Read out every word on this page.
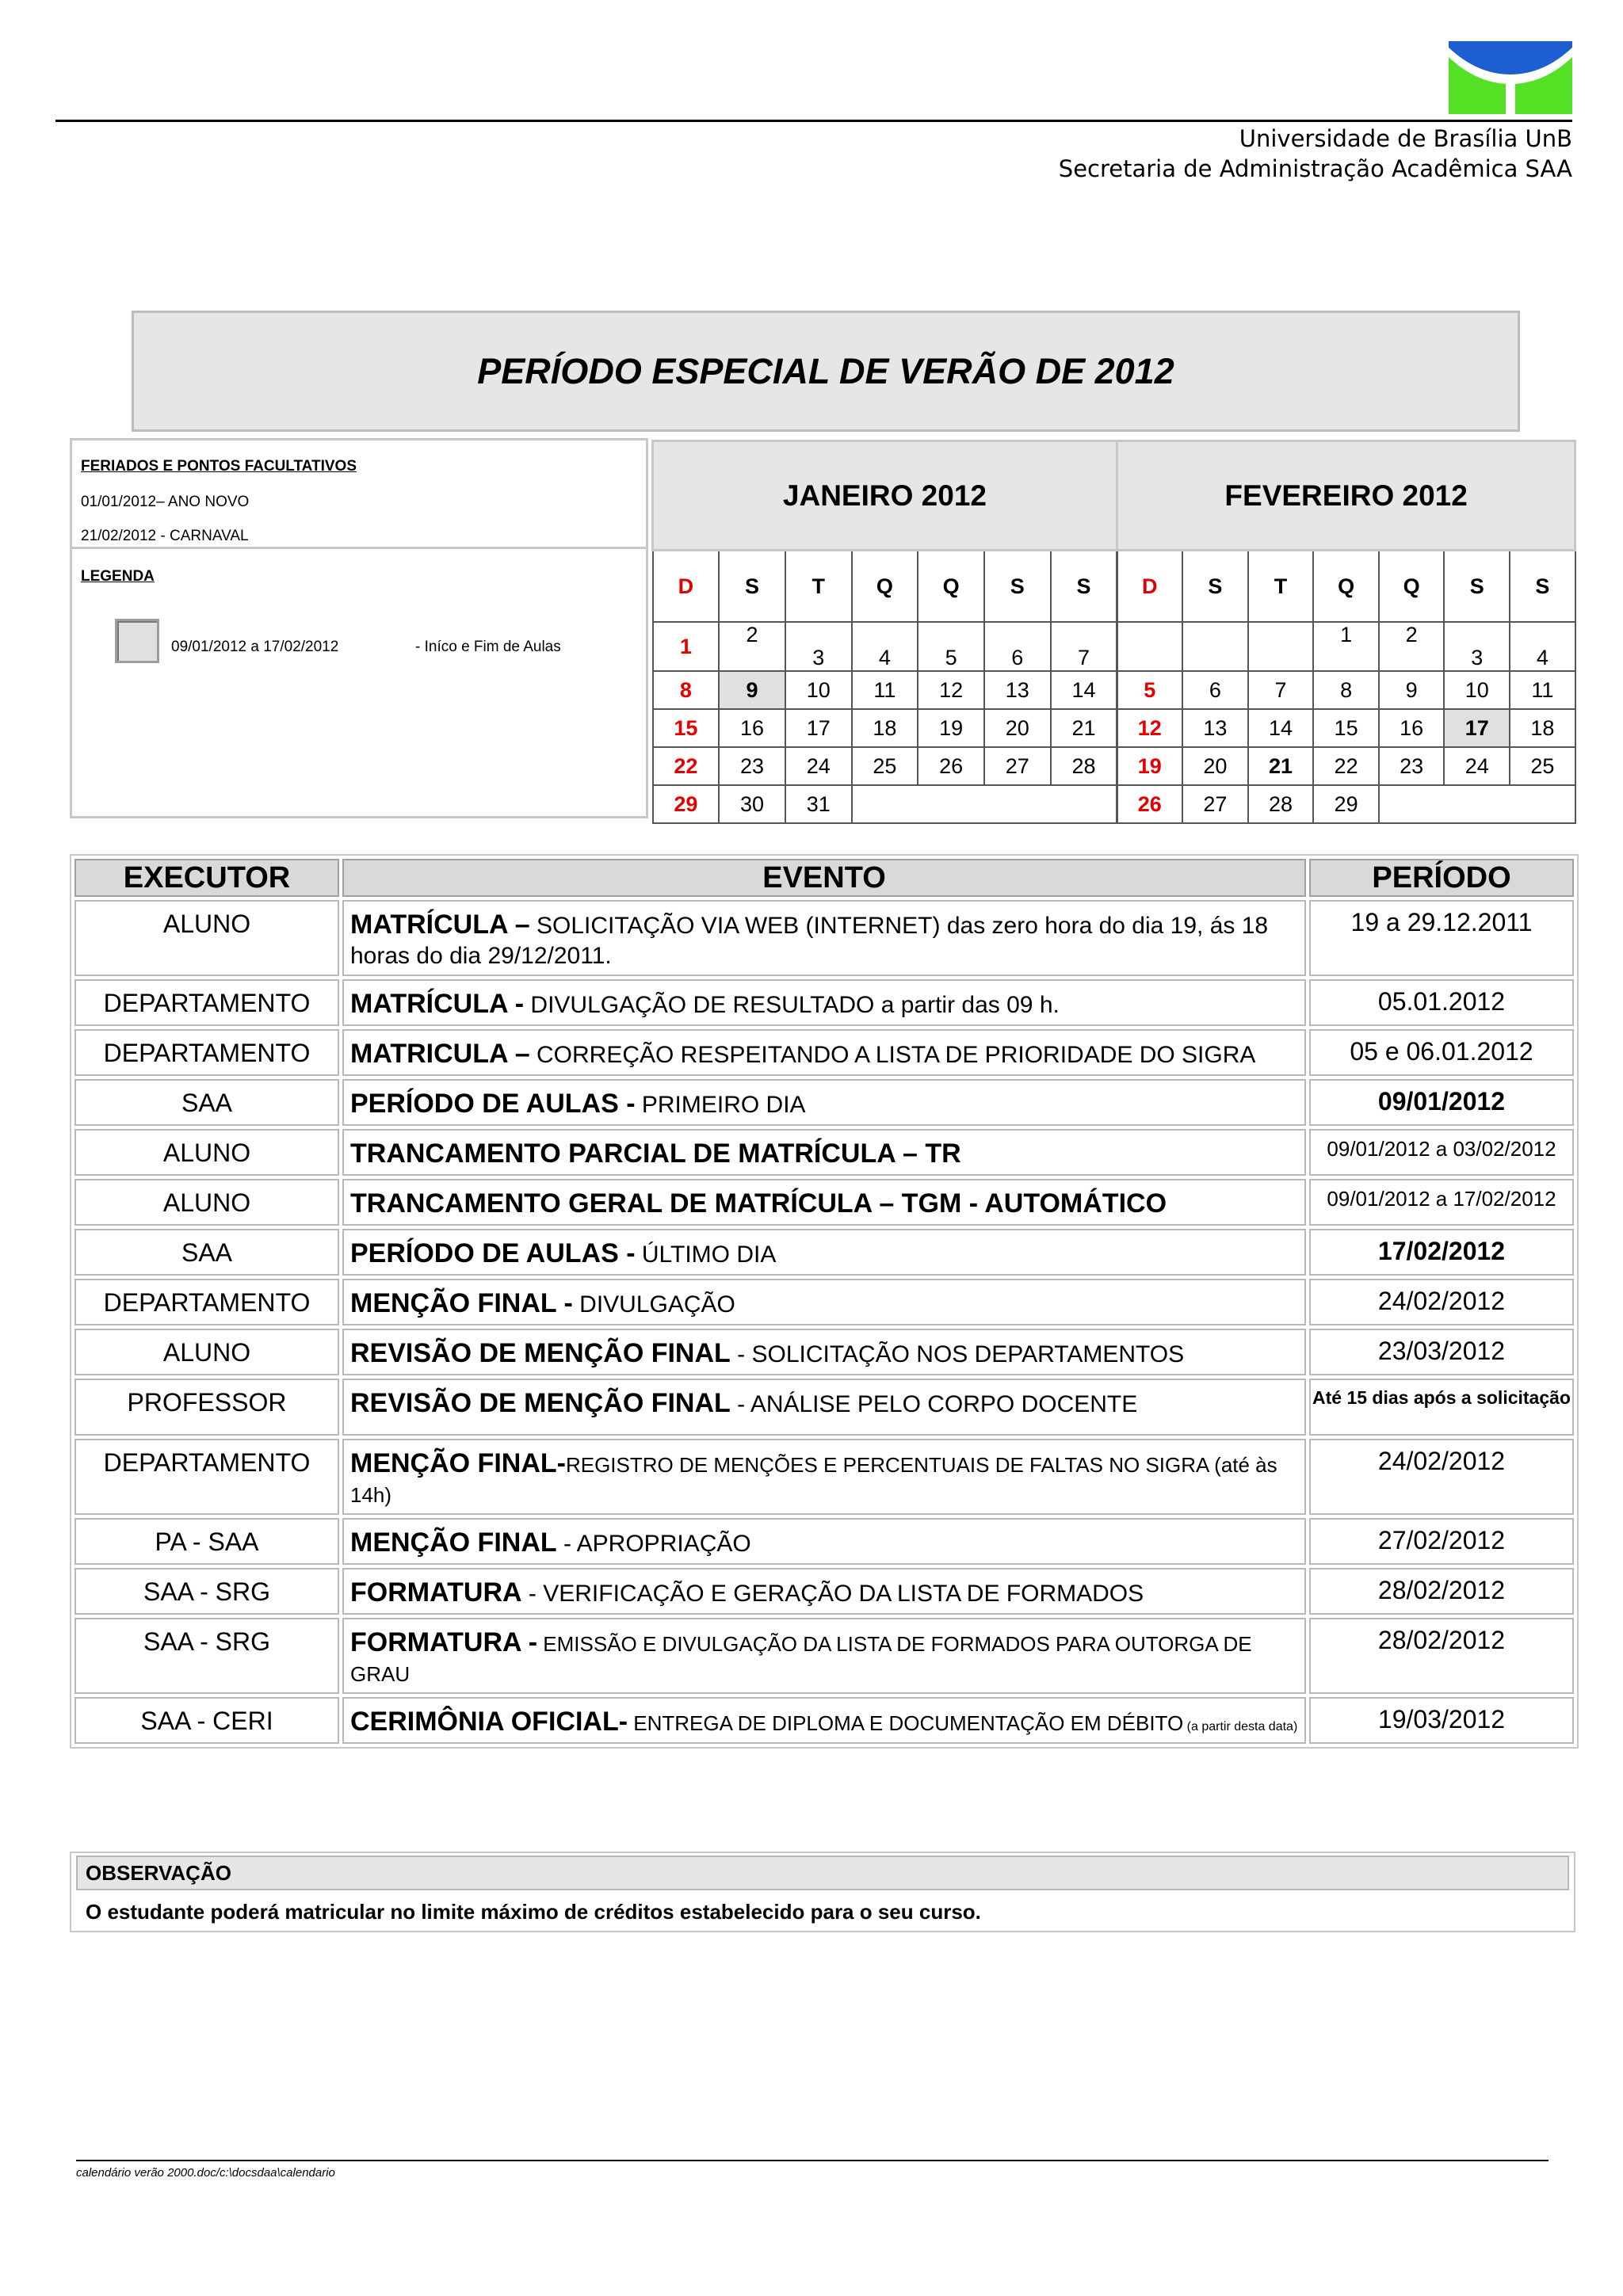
Universidade de Brasília UnB
Secretaria de Administração Acadêmica SAA
PERÍODO ESPECIAL DE VERÃO DE 2012
FERIADOS E PONTOS FACULTATIVOS
01/01/2012– ANO NOVO
21/02/2012 - CARNAVAL
LEGENDA
09/01/2012 a 17/02/2012	- Iníco e Fim de Aulas
JANEIRO 2012						
D	S	T	Q	Q	S	S
1	2	3	4	5	6	7
8	9	10	11	12	13	14
15	16	17	18	19	20	21
22	23	24	25	26	27	28
29	30	31				
FEVEREIRO 2012						
D	S	T	Q	Q	S	S
			1	2	3	4
5	6	7	8	9	10	11
12	13	14	15	16	17	18
19	20	21	22	23	24	25
26	27	28	29			
EXECUTOR	EVENTO	PERÍODO
ALUNO	MATRÍCULA – SOLICITAÇÃO VIA WEB (INTERNET) das zero hora do dia 19, ás 18 horas do dia 29/12/2011.	19 a 29.12.2011
DEPARTAMENTO	MATRÍCULA - DIVULGAÇÃO DE RESULTADO a partir das 09 h.	05.01.2012
DEPARTAMENTO	MATRICULA – CORREÇÃO RESPEITANDO A LISTA DE PRIORIDADE DO SIGRA	05 e 06.01.2012
SAA	PERÍODO DE AULAS - PRIMEIRO DIA	09/01/2012
ALUNO	TRANCAMENTO PARCIAL DE MATRÍCULA – TR	09/01/2012 a 03/02/2012
ALUNO	TRANCAMENTO GERAL DE MATRÍCULA – TGM - AUTOMÁTICO	09/01/2012 a 17/02/2012
SAA	PERÍODO DE AULAS - ÚLTIMO DIA	17/02/2012
DEPARTAMENTO	MENÇÃO FINAL - DIVULGAÇÃO	24/02/2012
ALUNO	REVISÃO DE MENÇÃO FINAL - SOLICITAÇÃO NOS DEPARTAMENTOS	23/03/2012
PROFESSOR	REVISÃO DE MENÇÃO FINAL - ANÁLISE PELO CORPO DOCENTE	Até 15 dias após a solicitação
DEPARTAMENTO	MENÇÃO FINAL-REGISTRO DE MENÇÕES E PERCENTUAIS DE FALTAS NO SIGRA (até às 14h)	24/02/2012
PA - SAA	MENÇÃO FINAL - APROPRIAÇÃO	27/02/2012
SAA - SRG	FORMATURA - VERIFICAÇÃO E GERAÇÃO DA LISTA DE FORMADOS	28/02/2012
SAA - SRG	FORMATURA - EMISSÃO E DIVULGAÇÃO DA LISTA DE FORMADOS PARA OUTORGA DE GRAU	28/02/2012
SAA - CERI	CERIMÔNIA OFICIAL- ENTREGA DE DIPLOMA E DOCUMENTAÇÃO EM DÉBITO (a partir desta data)	19/03/2012
OBSERVAÇÃO
O estudante poderá matricular no limite máximo de créditos estabelecido para o seu curso.
calendário verão 2000.doc/c:\docsdaa\calendario
